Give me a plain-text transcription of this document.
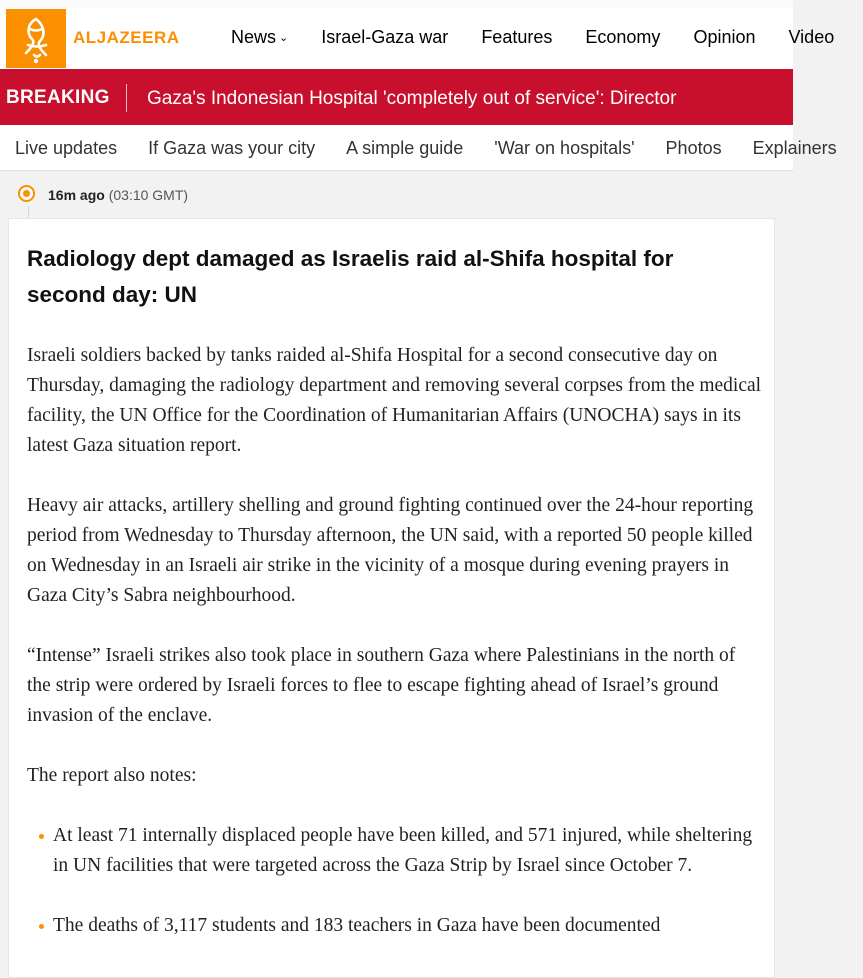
ALJAZEERA	News ⌄ Israel-Gaza war Features Economy Opinion Video
BREAKING Gaza's Indonesian Hospital 'completely out of service': Director
Live updates If Gaza was your city A simple guide 'War on hospitals' Photos Explainers
16m ago (03:10 GMT)
Radiology dept damaged as Israelis raid al-Shifa hospital for second day: UN

Israeli soldiers backed by tanks raided al-Shifa Hospital for a second consecutive day on Thursday, damaging the radiology department and removing several corpses from the medical facility, the UN Office for the Coordination of Humanitarian Affairs (UNOCHA) says in its latest Gaza situation report.

Heavy air attacks, artillery shelling and ground fighting continued over the 24-hour reporting period from Wednesday to Thursday afternoon, the UN said, with a reported 50 people killed on Wednesday in an Israeli air strike in the vicinity of a mosque during evening prayers in Gaza City’s Sabra neighbourhood.

“Intense” Israeli strikes also took place in southern Gaza where Palestinians in the north of the strip were ordered by Israeli forces to flee to escape fighting ahead of Israel’s ground invasion of the enclave.

The report also notes:

At least 71 internally displaced people have been killed, and 571 injured, while sheltering in UN facilities that were targeted across the Gaza Strip by Israel since October 7.
The deaths of 3,117 students and 183 teachers in Gaza have been documented
